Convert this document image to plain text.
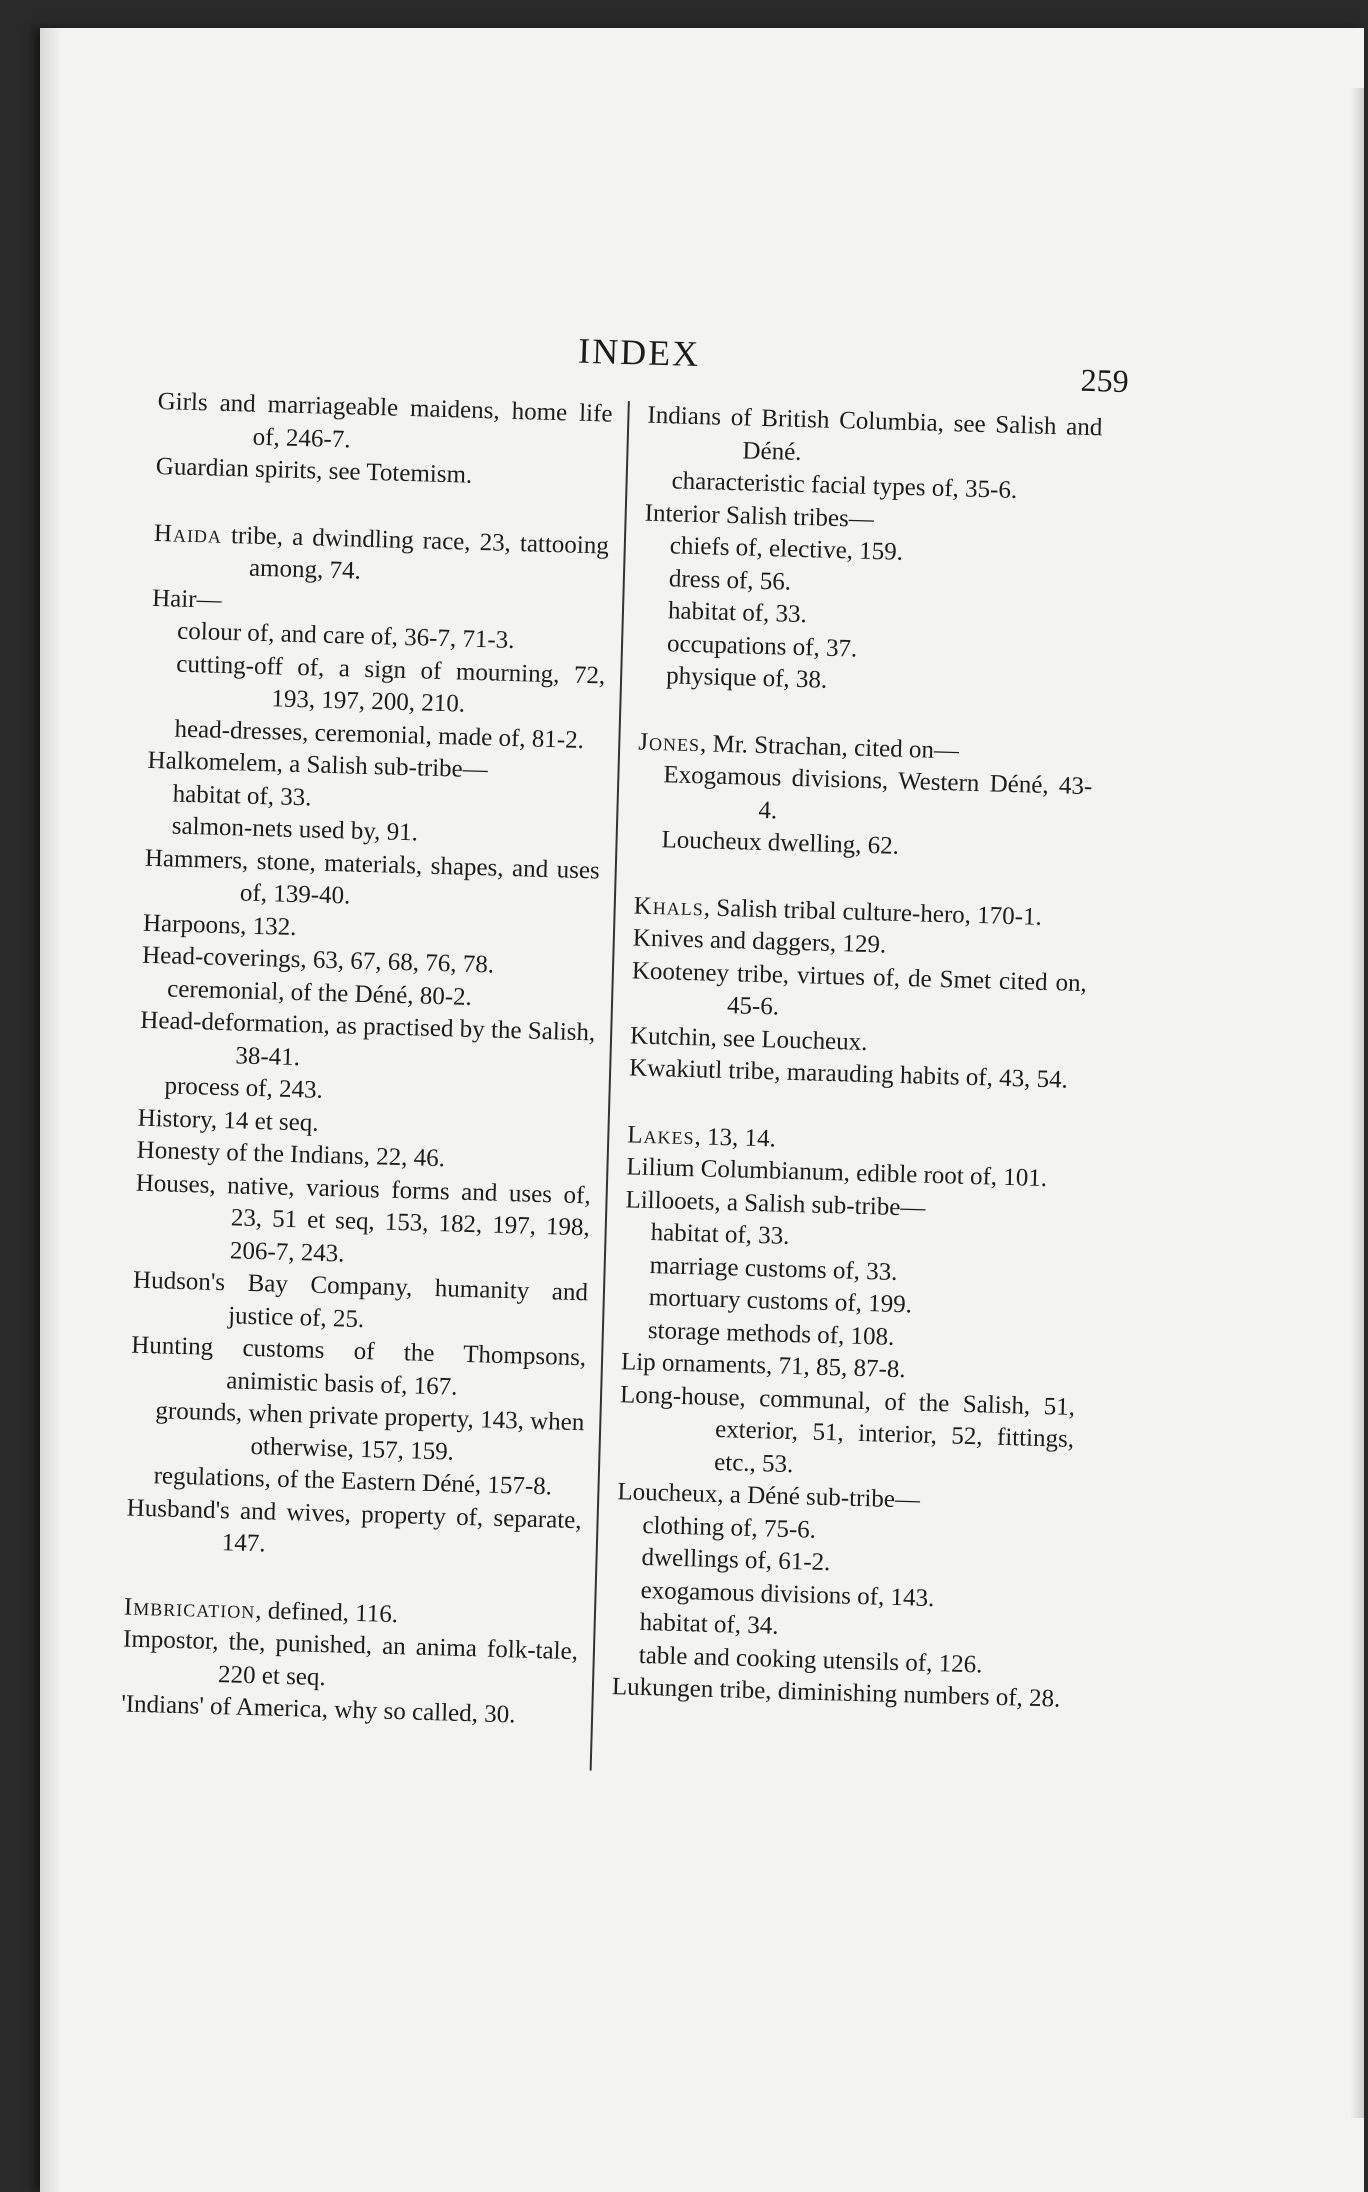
INDEX
259
Girls and marriageable maidens, home life of, 246-7.
Guardian spirits, see Totemism.
Haida tribe, a dwindling race, 23, tattooing among, 74.
Hair—
colour of, and care of, 36-7, 71-3.
cutting-off of, a sign of mourning, 72, 193, 197, 200, 210.
head-dresses, ceremonial, made of, 81-2.
Halkomelem, a Salish sub-tribe—
habitat of, 33.
salmon-nets used by, 91.
Hammers, stone, materials, shapes, and uses of, 139-40.
Harpoons, 132.
Head-coverings, 63, 67, 68, 76, 78.
ceremonial, of the Déné, 80-2.
Head-deformation, as practised by the Salish, 38-41.
process of, 243.
History, 14 et seq.
Honesty of the Indians, 22, 46.
Houses, native, various forms and uses of, 23, 51 et seq, 153, 182, 197, 198, 206-7, 243.
Hudson's Bay Company, humanity and justice of, 25.
Hunting customs of the Thompsons, animistic basis of, 167.
grounds, when private property, 143, when otherwise, 157, 159.
regulations, of the Eastern Déné, 157-8.
Husband's and wives, property of, separate, 147.
Imbrication, defined, 116.
Impostor, the, punished, an anima folk-tale, 220 et seq.
'Indians' of America, why so called, 30.
Indians of British Columbia, see Salish and Déné.
characteristic facial types of, 35-6.
Interior Salish tribes—
chiefs of, elective, 159.
dress of, 56.
habitat of, 33.
occupations of, 37.
physique of, 38.
Jones, Mr. Strachan, cited on—
Exogamous divisions, Western Déné, 43-4.
Loucheux dwelling, 62.
Khals, Salish tribal culture-hero, 170-1.
Knives and daggers, 129.
Kooteney tribe, virtues of, de Smet cited on, 45-6.
Kutchin, see Loucheux.
Kwakiutl tribe, marauding habits of, 43, 54.
Lakes, 13, 14.
Lilium Columbianum, edible root of, 101.
Lillooets, a Salish sub-tribe—
habitat of, 33.
marriage customs of, 33.
mortuary customs of, 199.
storage methods of, 108.
Lip ornaments, 71, 85, 87-8.
Long-house, communal, of the Salish, 51, exterior, 51, interior, 52, fittings, etc., 53.
Loucheux, a Déné sub-tribe—
clothing of, 75-6.
dwellings of, 61-2.
exogamous divisions of, 143.
habitat of, 34.
table and cooking utensils of, 126.
Lukungen tribe, diminishing numbers of, 28.
